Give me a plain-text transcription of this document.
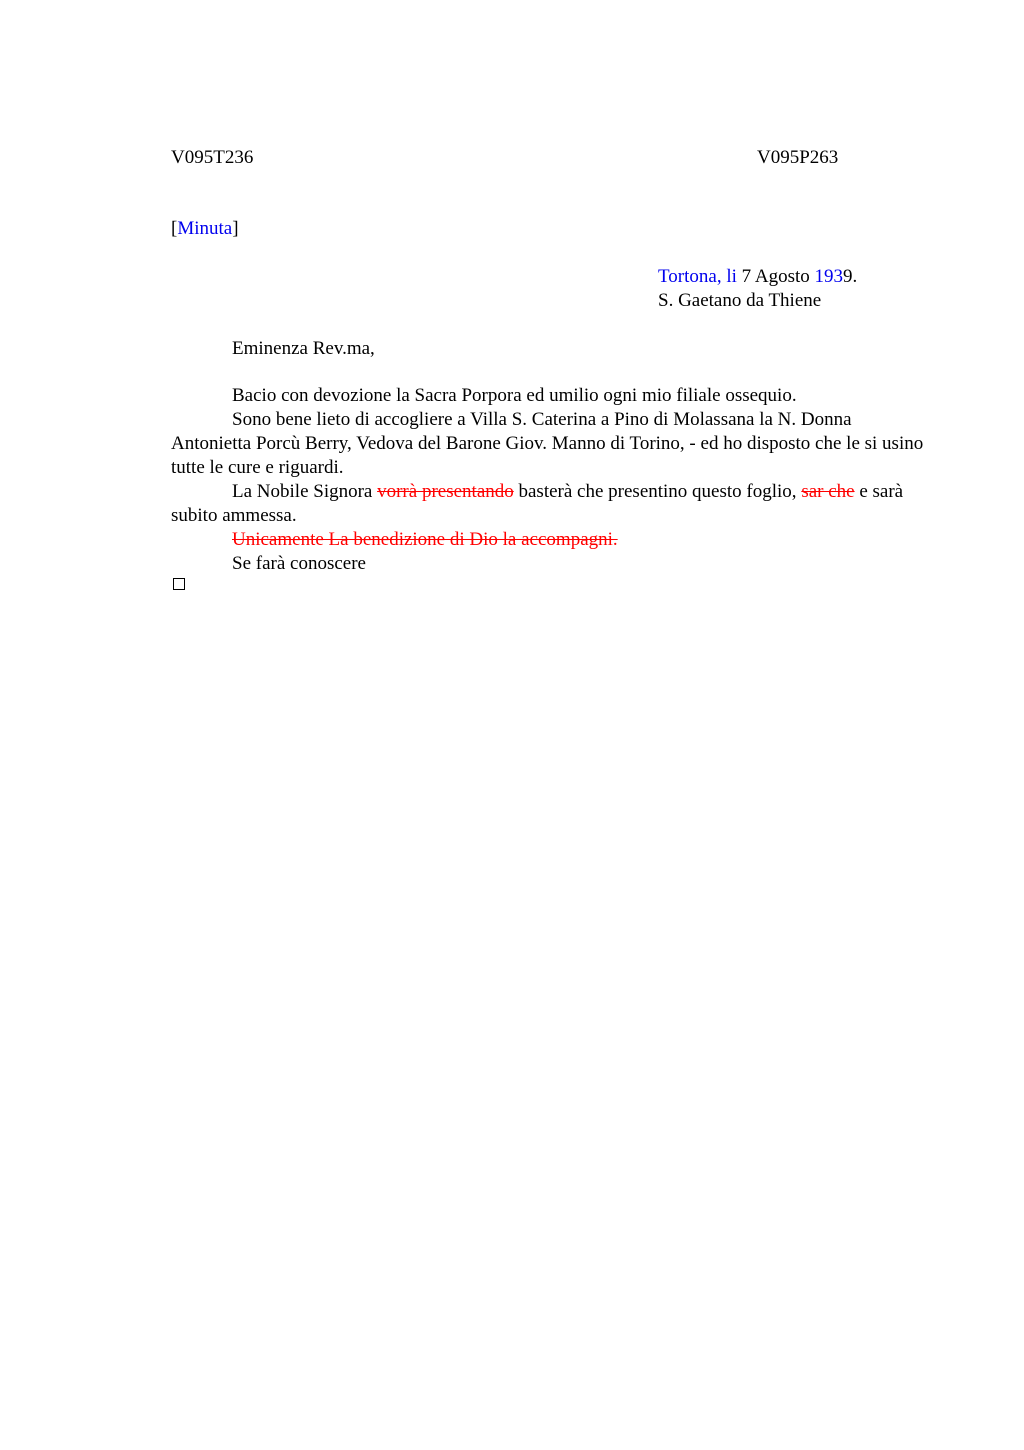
V095T236	V095P263
[Minuta]
Tortona, li 7 Agosto 1939.
S. Gaetano da Thiene
Eminenza Rev.ma,

Bacio con devozione la Sacra Porpora ed umilio ogni mio filiale ossequio.

Sono bene lieto di accogliere a Villa S. Caterina a Pino di Molassana la N. Donna Antonietta Porcù Berry, Vedova del Barone Giov. Manno di Torino, - ed ho disposto che le si usino tutte le cure e riguardi.

La Nobile Signora vorrà presentando basterà che presentino questo foglio, sar che e sarà subito ammessa.

Unicamente La benedizione di Dio la accompagni.

Se farà conoscere
